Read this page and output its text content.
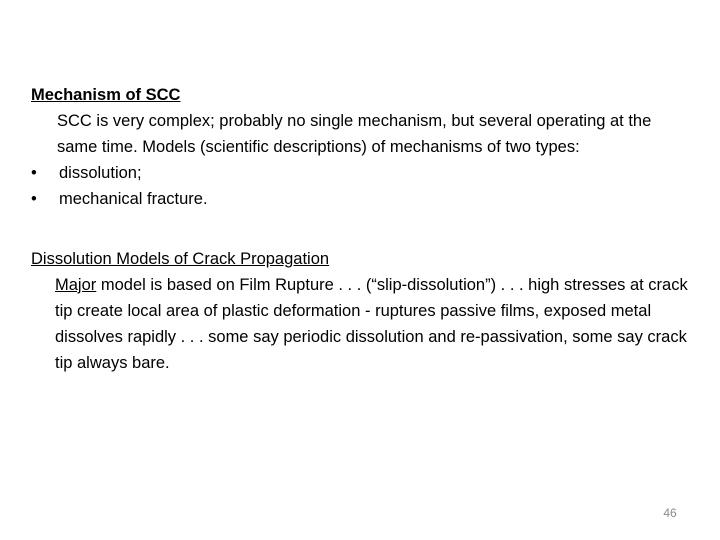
Mechanism of SCC

SCC is very complex; probably no single mechanism, but several operating at the same time. Models (scientific descriptions) of mechanisms of two types:

• dissolution;
• mechanical fracture.
Dissolution Models of Crack Propagation

Major model is based on Film Rupture . . . (“slip-dissolution”) . . . high stresses at crack tip create local area of plastic deformation - ruptures passive films, exposed metal dissolves rapidly . . . some say periodic dissolution and re-passivation, some say crack tip always bare.

46
